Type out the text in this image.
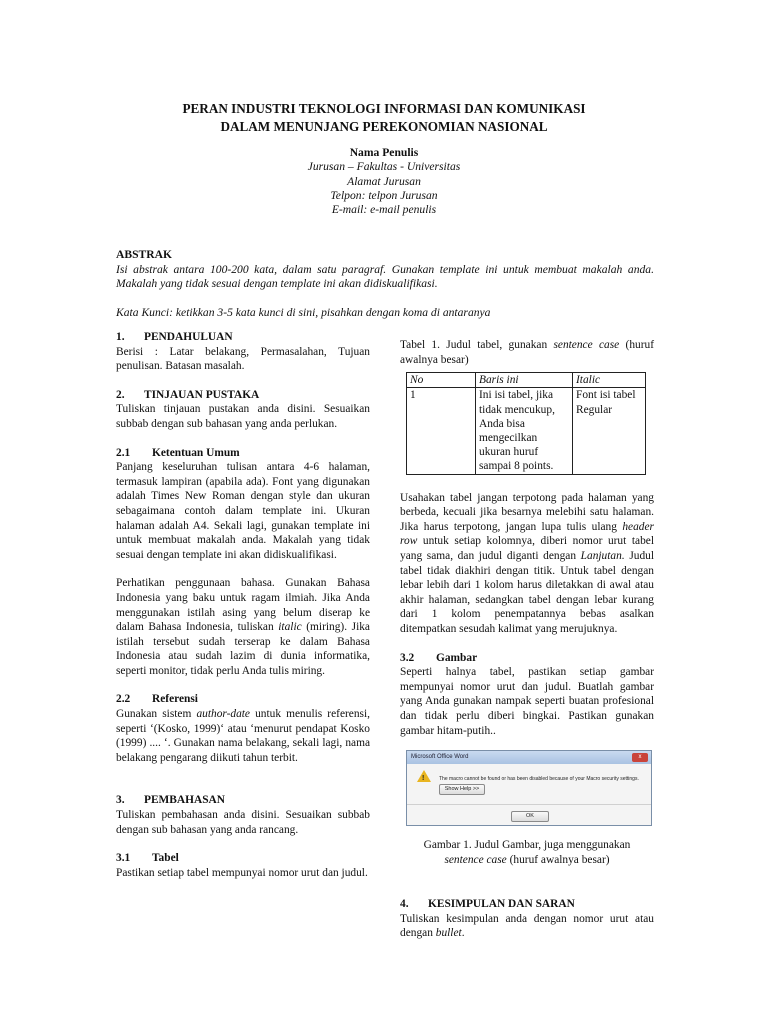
PERAN INDUSTRI TEKNOLOGI INFORMASI DAN KOMUNIKASI
DALAM MENUNJANG PEREKONOMIAN NASIONAL
Nama Penulis
Jurusan – Fakultas - Universitas
Alamat Jurusan
Telpon: telpon Jurusan
E-mail: e-mail penulis
ABSTRAK
Isi abstrak antara 100-200 kata, dalam satu paragraf. Gunakan template ini untuk membuat makalah anda. Makalah yang tidak sesuai dengan template ini akan didiskualifikasi.
Kata Kunci: ketikkan 3-5 kata kunci di sini, pisahkan dengan koma di antaranya
1. PENDAHULUAN
Berisi : Latar belakang, Permasalahan, Tujuan penulisan. Batasan masalah.
2. TINJAUAN PUSTAKA
Tuliskan tinjauan pustakan anda disini. Sesuaikan subbab dengan sub bahasan yang anda perlukan.
2.1 Ketentuan Umum
Panjang keseluruhan tulisan antara 4-6 halaman, termasuk lampiran (apabila ada). Font yang digunakan adalah Times New Roman dengan style dan ukuran sebagaimana contoh dalam template ini. Ukuran halaman adalah A4. Sekali lagi, gunakan template ini untuk membuat makalah anda. Makalah yang tidak sesuai dengan template ini akan didiskualifikasi.
Perhatikan penggunaan bahasa. Gunakan Bahasa Indonesia yang baku untuk ragam ilmiah. Jika Anda menggunakan istilah asing yang belum diserap ke dalam Bahasa Indonesia, tuliskan italic (miring). Jika istilah tersebut sudah terserap ke dalam Bahasa Indonesia atau sudah lazim di dunia informatika, seperti monitor, tidak perlu Anda tulis miring.
2.2 Referensi
Gunakan sistem author-date untuk menulis referensi, seperti ‘(Kosko, 1999)‘ atau ‘menurut pendapat Kosko (1999) .... ‘. Gunakan nama belakang, sekali lagi, nama belakang pengarang diikuti tahun terbit.
3. PEMBAHASAN
Tuliskan pembahasan anda disini. Sesuaikan subbab dengan sub bahasan yang anda rancang.
3.1 Tabel
Pastikan setiap tabel mempunyai nomor urut dan judul.
Tabel 1. Judul tabel, gunakan sentence case (huruf awalnya besar)
No	Baris ini	Italic
1	Ini isi tabel, jika tidak mencukup, Anda bisa mengecilkan ukuran huruf sampai 8 points.	Font isi tabel Regular
Usahakan tabel jangan terpotong pada halaman yang berbeda, kecuali jika besarnya melebihi satu halaman. Jika harus terpotong, jangan lupa tulis ulang header row untuk setiap kolomnya, diberi nomor urut tabel yang sama, dan judul diganti dengan Lanjutan. Judul tabel tidak diakhiri dengan titik. Untuk tabel dengan lebar lebih dari 1 kolom harus diletakkan di awal atau akhir halaman, sedangkan tabel dengan lebar kurang dari 1 kolom penempatannya bebas asalkan ditempatkan sesudah kalimat yang merujuknya.
3.2 Gambar
Seperti halnya tabel, pastikan setiap gambar mempunyai nomor urut dan judul. Buatlah gambar yang Anda gunakan nampak seperti buatan profesional dan tidak perlu diberi bingkai. Pastikan gunakan gambar hitam-putih..
Microsoft Office Word	x
!	The macro cannot be found or has been disabled because of your Macro security settings.
Show Help >>
OK
Gambar 1. Judul Gambar, juga menggunakan
sentence case (huruf awalnya besar)
4. KESIMPULAN DAN SARAN
Tuliskan kesimpulan anda dengan nomor urut atau dengan bullet.
